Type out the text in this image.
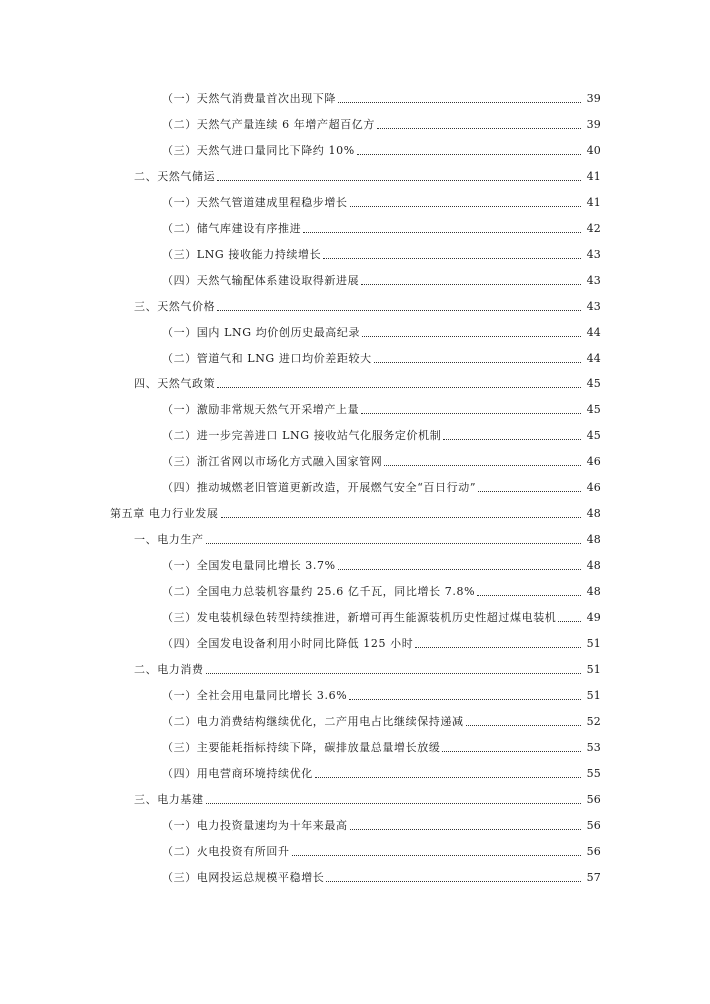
（一）天然气消费量首次出现下降	39
（二）天然气产量连续 6 年增产超百亿方	39
（三）天然气进口量同比下降约 10%	40
二、天然气储运	41
（一）天然气管道建成里程稳步增长	41
（二）储气库建设有序推进	42
（三）LNG 接收能力持续增长	43
（四）天然气输配体系建设取得新进展	43
三、天然气价格	43
（一）国内 LNG 均价创历史最高纪录	44
（二）管道气和 LNG 进口均价差距较大	44
四、天然气政策	45
（一）激励非常规天然气开采增产上量	45
（二）进一步完善进口 LNG 接收站气化服务定价机制	45
（三）浙江省网以市场化方式融入国家管网	46
（四）推动城燃老旧管道更新改造，开展燃气安全“百日行动”	46
第五章 电力行业发展	48
一、电力生产	48
（一）全国发电量同比增长 3.7%	48
（二）全国电力总装机容量约 25.6 亿千瓦，同比增长 7.8%	48
（三）发电装机绿色转型持续推进，新增可再生能源装机历史性超过煤电装机	49
（四）全国发电设备利用小时同比降低 125 小时	51
二、电力消费	51
（一）全社会用电量同比增长 3.6%	51
（二）电力消费结构继续优化，二产用电占比继续保持递减	52
（三）主要能耗指标持续下降，碳排放量总量增长放缓	53
（四）用电营商环境持续优化	55
三、电力基建	56
（一）电力投资量速均为十年来最高	56
（二）火电投资有所回升	56
（三）电网投运总规模平稳增长	57
